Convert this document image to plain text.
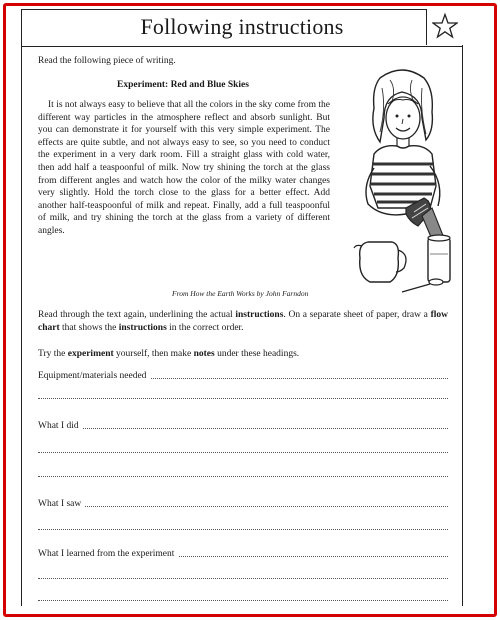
Following instructions
Read the following piece of writing.
Experiment: Red and Blue Skies
It is not always easy to believe that all the colors in the sky come from the different way particles in the atmosphere reflect and absorb sunlight. But you can demonstrate it for yourself with this very simple experiment. The effects are quite subtle, and not always easy to see, so you need to conduct the experiment in a very dark room. Fill a straight glass with cold water, then add half a teaspoonful of milk. Now try shining the torch at the glass from different angles and watch how the color of the milky water changes very slightly. Hold the torch close to the glass for a better effect. Add another half-teaspoonful of milk and repeat. Finally, add a full teaspoonful of milk, and try shining the torch at the glass from a variety of different angles.
From How the Earth Works by John Farndon
Read through the text again, underlining the actual instructions. On a separate sheet of paper, draw a flow chart that shows the instructions in the correct order.
Try the experiment yourself, then make notes under these headings.
Equipment/materials needed
What I did
What I saw
What I learned from the experiment
